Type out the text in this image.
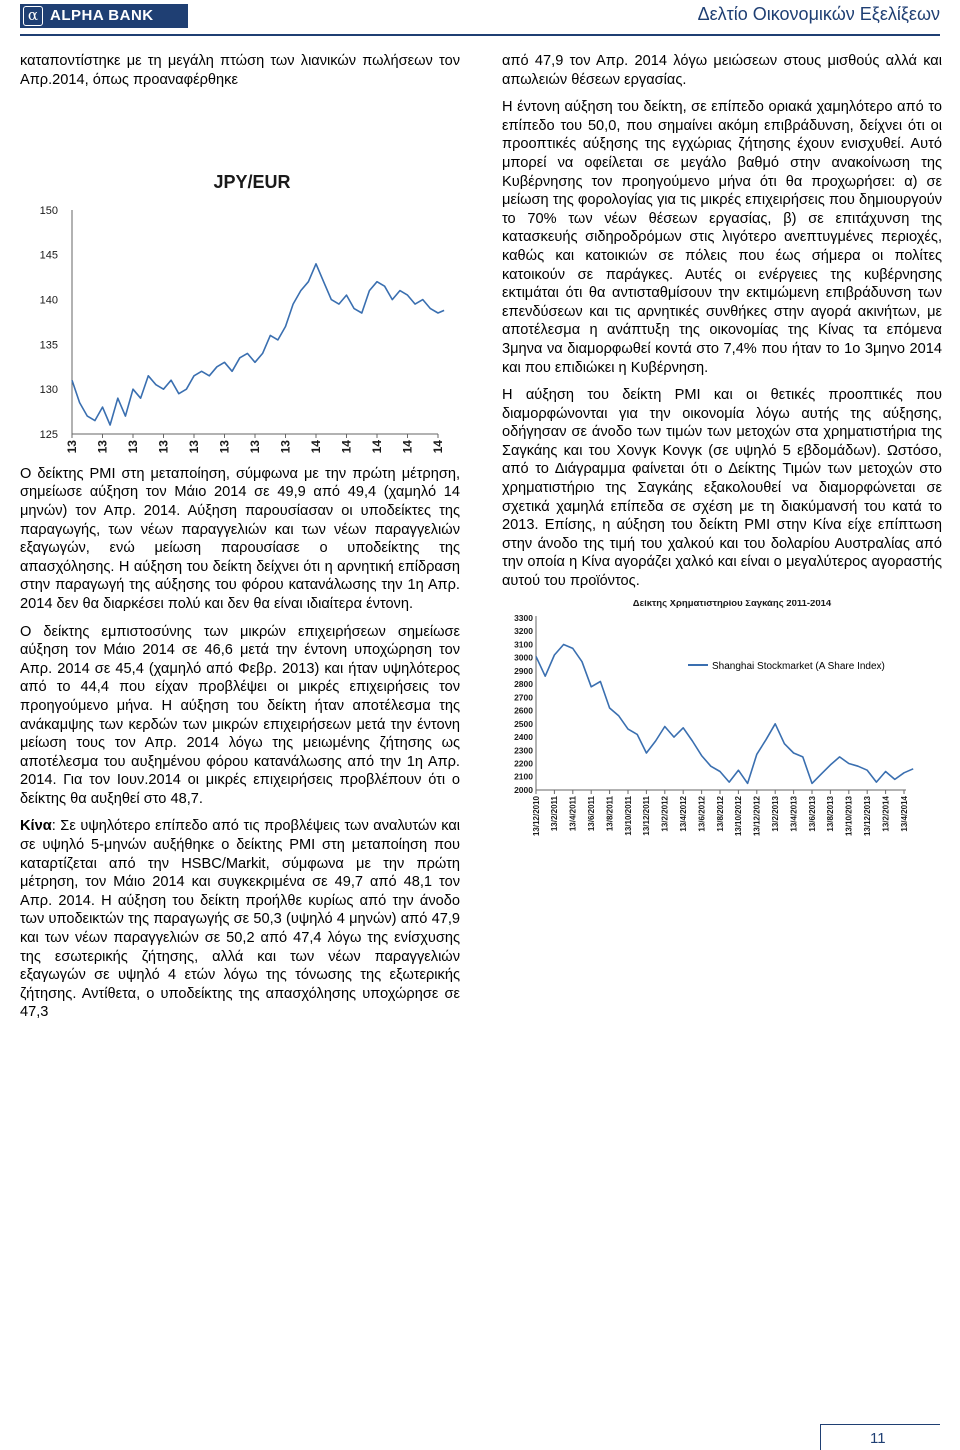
α ALPHA BANK	Δελτίο Οικονομικών Εξελίξεων

καταποντίστηκε με τη μεγάλη πτώση των λιανικών πωλήσεων τον Απρ.2014, όπως προαναφέρθηκε

JPY/EUR
125
130
135
140
145
150

Ο δείκτης PMI στη μεταποίηση, σύμφωνα με την πρώτη μέτρηση, σημείωσε αύξηση τον Μάιο 2014 σε 49,9 από 49,4 (χαμηλό 14 μηνών) τον Απρ. 2014. Αύξηση παρουσίασαν οι υποδείκτες της παραγωγής, των νέων παραγγελιών και των νέων παραγγελιών εξαγωγών, ενώ μείωση παρουσίασε ο υποδείκτης της απασχόλησης. Η αύξηση του δείκτη δείχνει ότι η αρνητική επίδραση στην παραγωγή της αύξησης του φόρου κατανάλωσης την 1η Απρ. 2014 δεν θα διαρκέσει πολύ και δεν θα είναι ιδιαίτερα έντονη.

Ο δείκτης εμπιστοσύνης των μικρών επιχειρήσεων σημείωσε αύξηση τον Μάιο 2014 σε 46,6 μετά την έντονη υποχώρηση τον Απρ. 2014 σε 45,4 (χαμηλό από Φεβρ. 2013) και ήταν υψηλότερος από το 44,4 που είχαν προβλέψει οι μικρές επιχειρήσεις τον προηγούμενο μήνα. Η αύξηση του δείκτη ήταν αποτέλεσμα της ανάκαμψης των κερδών των μικρών επιχειρήσεων μετά την έντονη μείωση τους τον Απρ. 2014 λόγω της μειωμένης ζήτησης ως αποτέλεσμα του αυξημένου φόρου κατανάλωσης από την 1η Απρ. 2014. Για τον Ιουν.2014 οι μικρές επιχειρήσεις προβλέπουν ότι ο δείκτης θα αυξηθεί στο 48,7.

Κίνα: Σε υψηλότερο επίπεδο από τις προβλέψεις των αναλυτών και σε υψηλό 5-μηνών αυξήθηκε ο δείκτης PMI στη μεταποίηση που καταρτίζεται από την HSBC/Markit, σύμφωνα με την πρώτη μέτρηση, τον Μάιο 2014 και συγκεκριμένα σε 49,7 από 48,1 τον Απρ. 2014. Η αύξηση του δείκτη προήλθε κυρίως από την άνοδο των υποδεικτών της παραγωγής σε 50,3 (υψηλό 4 μηνών) από 47,9 και των νέων παραγγελιών σε 50,2 από 47,4 λόγω της ενίσχυσης της εσωτερικής ζήτησης, αλλά και των νέων παραγγελιών εξαγωγών σε υψηλό 4 ετών λόγω της τόνωσης της εξωτερικής ζήτησης. Αντίθετα, ο υποδείκτης της απασχόλησης υποχώρησε σε 47,3

από 47,9 τον Απρ. 2014 λόγω μειώσεων στους μισθούς αλλά και απωλειών θέσεων εργασίας.

Η έντονη αύξηση του δείκτη, σε επίπεδο οριακά χαμηλότερο από το επίπεδο του 50,0, που σημαίνει ακόμη επιβράδυνση, δείχνει ότι οι προοπτικές αύξησης της εγχώριας ζήτησης έχουν ενισχυθεί. Αυτό μπορεί να οφείλεται σε μεγάλο βαθμό στην ανακοίνωση της Κυβέρνησης τον προηγούμενο μήνα ότι θα προχωρήσει: α) σε μείωση της φορολογίας για τις μικρές επιχειρήσεις που δημιουργούν το 70% των νέων θέσεων εργασίας, β) σε επιτάχυνση της κατασκευής σιδηροδρόμων στις λιγότερο ανεπτυγμένες περιοχές, καθώς και κατοικιών σε πόλεις που έως σήμερα οι πολίτες κατοικούν σε παράγκες. Αυτές οι ενέργειες της κυβέρνησης εκτιμάται ότι θα αντισταθμίσουν την εκτιμώμενη επιβράδυνση των επενδύσεων και τις αρνητικές συνθήκες στην αγορά ακινήτων, με αποτέλεσμα η ανάπτυξη της οικονομίας της Κίνας τα επόμενα 3μηνα να διαμορφωθεί κοντά στο 7,4% που ήταν το 1ο 3μηνο 2014 και που επιδιώκει η Κυβέρνηση.

Η αύξηση του δείκτη PMI και οι θετικές προοπτικές που διαμορφώνονται για την οικονομία λόγω αυτής της αύξησης, οδήγησαν σε άνοδο των τιμών των μετοχών στα χρηματιστήρια της Σαγκάης και του Χονγκ Κονγκ (σε υψηλό 5 εβδομάδων). Ωστόσο, από το Διάγραμμα φαίνεται ότι ο Δείκτης Τιμών των μετοχών στο χρηματιστήριο της Σαγκάης εξακολουθεί να διαμορφώνεται σε σχετικά χαμηλά επίπεδα σε σχέση με τη διακύμανσή του κατά το 2013. Επίσης, η αύξηση του δείκτη PMI στην Κίνα είχε επίπτωση στην άνοδο της τιμή του χαλκού και του δολαρίου Αυστραλίας από την οποία η Κίνα αγοράζει χαλκό και είναι ο μεγαλύτερος αγοραστής αυτού του προϊόντος.

Δείκτης Χρηματιστηρίου Σαγκάης 2011-2014
2000
2100
2200
2300
2400
2500
2600
2700
2800
2900
3000
3100
3200
3300
13/12/2010 13/2/2011 13/4/2011 13/6/2011 13/8/2011 13/10/2011 13/12/2011 13/2/2012 13/4/2012 13/6/2012 13/8/2012 13/10/2012 13/12/2012 13/2/2013 13/4/2013 13/6/2013 13/8/2013 13/10/2013 13/12/2013 13/2/2014 13/4/2014
Shanghai Stockmarket (A Share Index)
11
